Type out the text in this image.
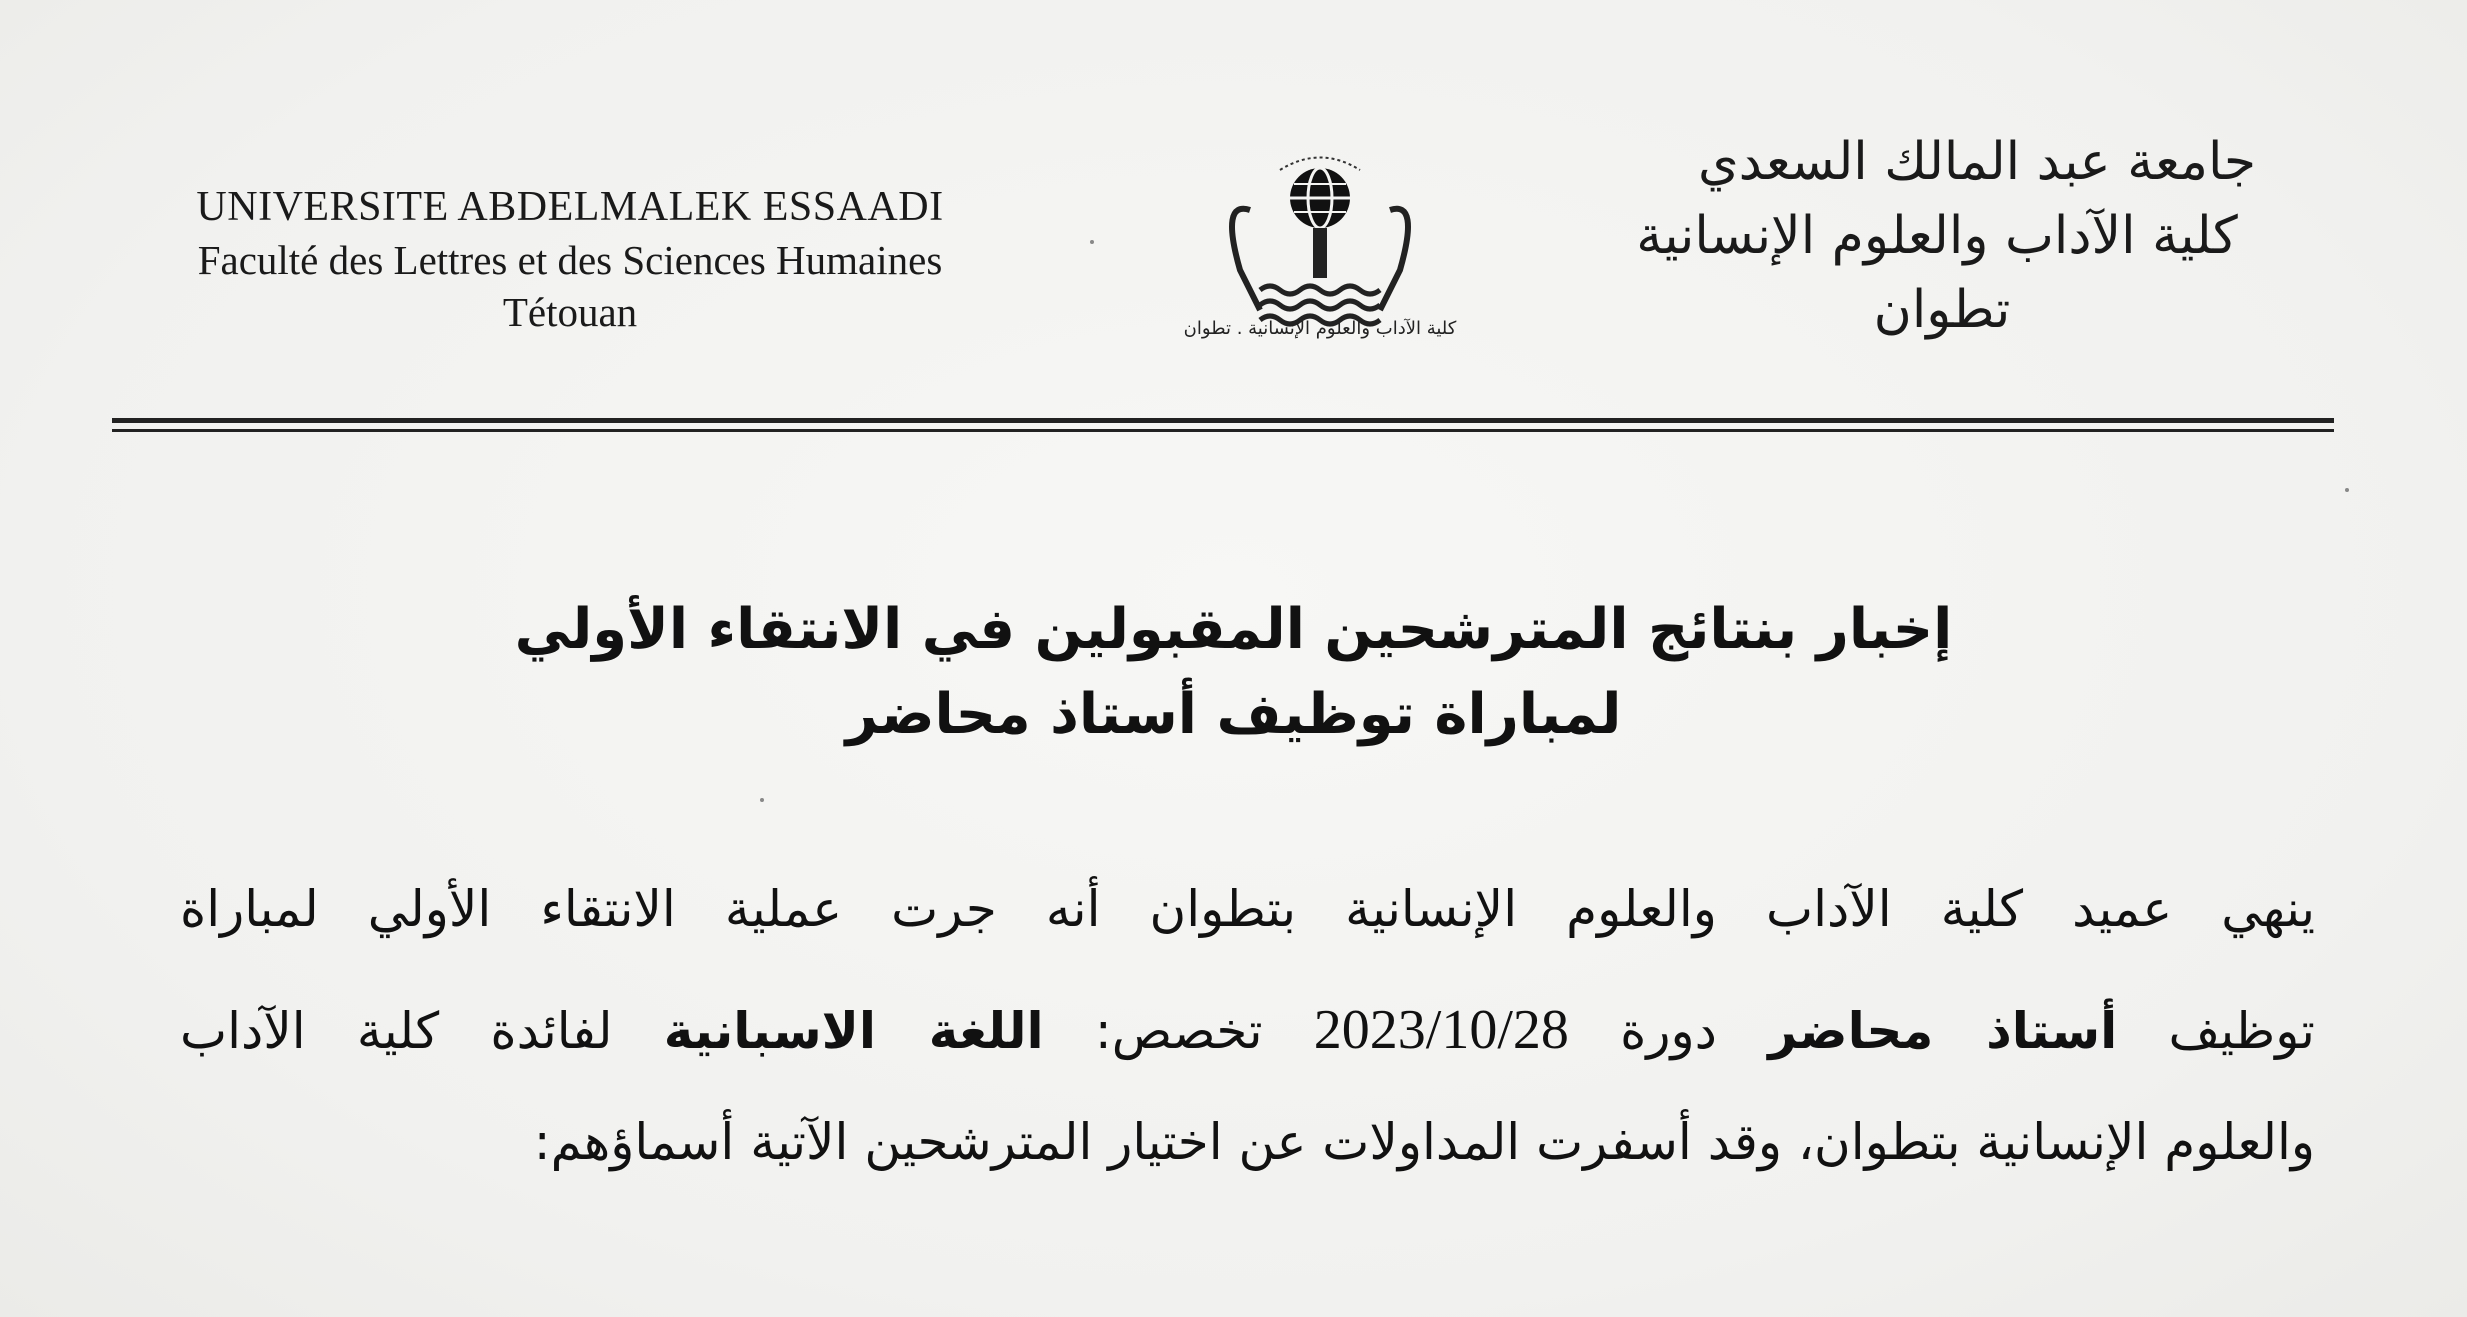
UNIVERSITE ABDELMALEK ESSAADI
Faculté des Lettres et des Sciences Humaines
Tétouan	كلية الآداب والعلوم الإنسانية . تطوان
جامعة عبد المالك السعدي
كلية الآداب والعلوم الإنسانية
تطوان
إخبار بنتائج المترشحين المقبولين في الانتقاء الأولي
لمباراة توظيف أستاذ محاضر
ينهي عميد كلية الآداب والعلوم الإنسانية بتطوان أنه جرت عملية الانتقاء الأولي لمباراة
توظيف أستاذ محاضر دورة 2023/10/28 تخصص: اللغة الاسبانية لفائدة كلية الآداب
والعلوم الإنسانية بتطوان، وقد أسفرت المداولات عن اختيار المترشحين الآتية أسماؤهم:
